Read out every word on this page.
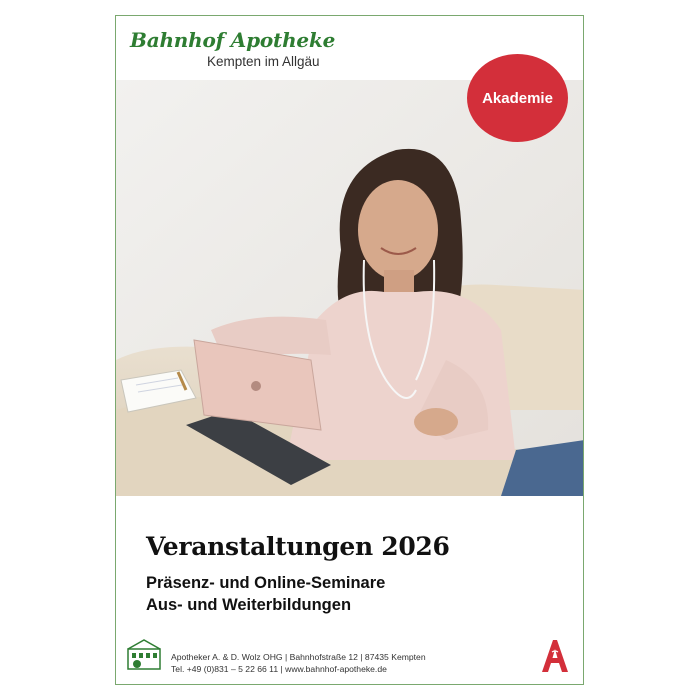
Bahnhof Apotheke
Kempten im Allgäu
Akademie
Veranstaltungen 2026
Präsenz- und Online-Seminare
Aus- und Weiterbildungen
Apotheker A. & D. Wolz OHG | Bahnhofstraße 12 | 87435 Kempten
Tel. +49 (0)831 – 5 22 66 11 | www.bahnhof-apotheke.de
